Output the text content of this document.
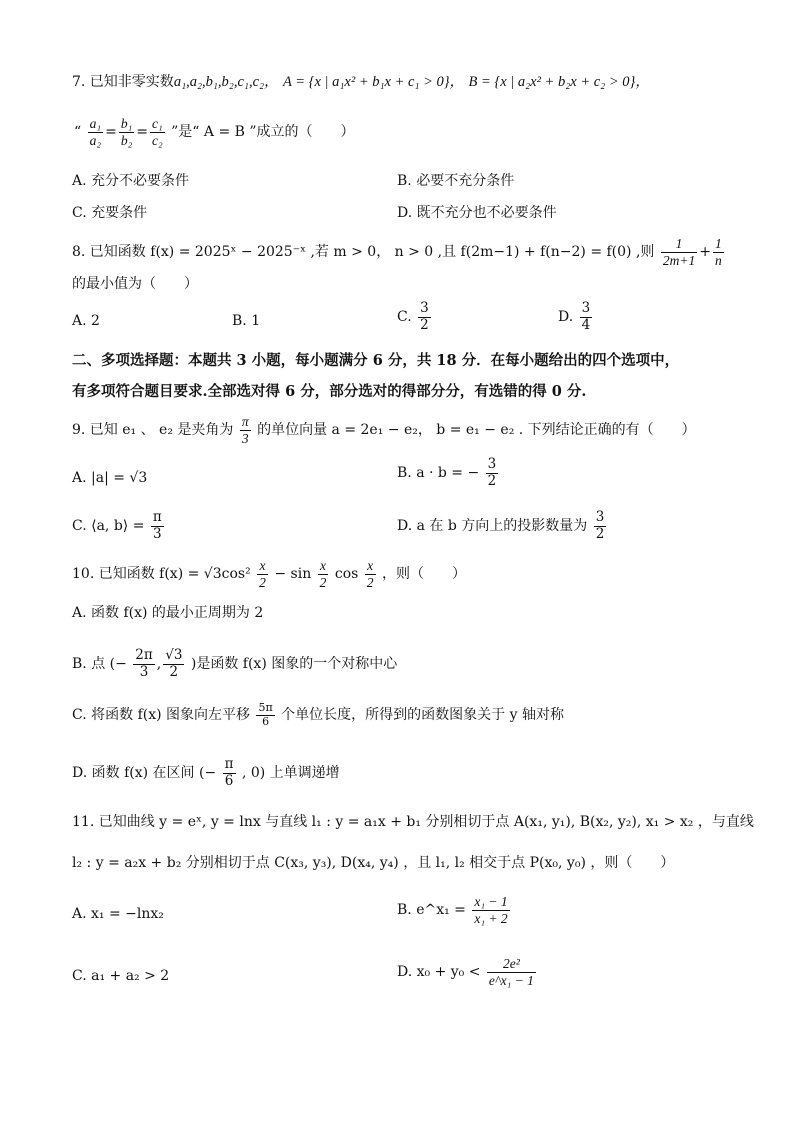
7. 已知非零实数a₁,a₂,b₁,b₂,c₁,c₂， A = {x | a₁x² + b₁x + c₁ > 0}， B = {x | a₂x² + b₂x + c₂ > 0}，
“ $\frac{\text{a₁}}{\text{a₂}} = \frac{\text{b₁}}{\text{b₂}} = \frac{\text{c₁}}{\text{c₂}}$ ”是“ A = B ”成立的（　　）
A. 充分不必要条件	B. 必要不充分条件
C. 充要条件	D. 既不充分也不必要条件
8. 已知函数 f(x) = 2025ˣ − 2025⁻ˣ ,若 m > 0， n > 0 ,且 f(2m−1) + f(n−2) = f(0) ,则 $\frac{1}{2m+1} + \frac{1}{n}$
的最小值为（　　）
A. 2	B. 1	C. $\frac{3}{2}$	D. $\frac{3}{4}$
二、多项选择题：本题共 3 小题，每小题满分 6 分，共 18 分．在每小题给出的四个选项中，
有多项符合题目要求.全部选对得 6 分，部分选对的得部分分，有选错的得 0 分.
9. 已知 e₁ 、 e₂ 是夹角为 $\frac{\pi}{3}$ 的单位向量 a = 2e₁ − e₂， b = e₁ − e₂ . 下列结论正确的有（　　）
A. |a| = √3	B. a · b = − $\frac{3}{2}$
C. ⟨a, b⟩ = $\frac{\pi}{3}$	D. a 在 b 方向上的投影数量为 $\frac{3}{2}$
10. 已知函数 $f(x) = √3\cos^2 \frac{x}{2} - \sin \frac{x}{2}$ $\cos \frac{x}{2}$ ，则（　　）
A. 函数 f(x) 的最小正周期为 2
B. 点 (− $\frac{2\pi}{3}$ , $\frac{√3}{2}$ )是函数 f(x) 图象的一个对称中心
C. 将函数 f(x) 图象向左平移 $\frac{5\pi}{6}$ 个单位长度，所得到的函数图象关于 y 轴对称
D. 函数 f(x) 在区间 (− $\frac{\pi}{6}$ , 0) 上单调递增
11. 已知曲线 y = eˣ, y = lnx 与直线 l₁ : y = a₁x + b₁ 分别相切于点 A(x₁, y₁), B(x₂, y₂), x₁ > x₂ ，与直线
l₂ : y = a₂x + b₂ 分别相切于点 C(x₃, y₃), D(x₄, y₄) ，且 l₁, l₂ 相交于点 P(x₀, y₀) ，则（　　）
A. x₁ = −lnx₂	B. e^x₁ = $\frac{\text{x₁ − 1}}{\text{x₁ + 2}}$
C. a₁ + a₂ > 2	D. $x_0 + y_0 < \frac{\text{2e²}}{\text{e\textasciicircum{}x₁ − 1}}$
